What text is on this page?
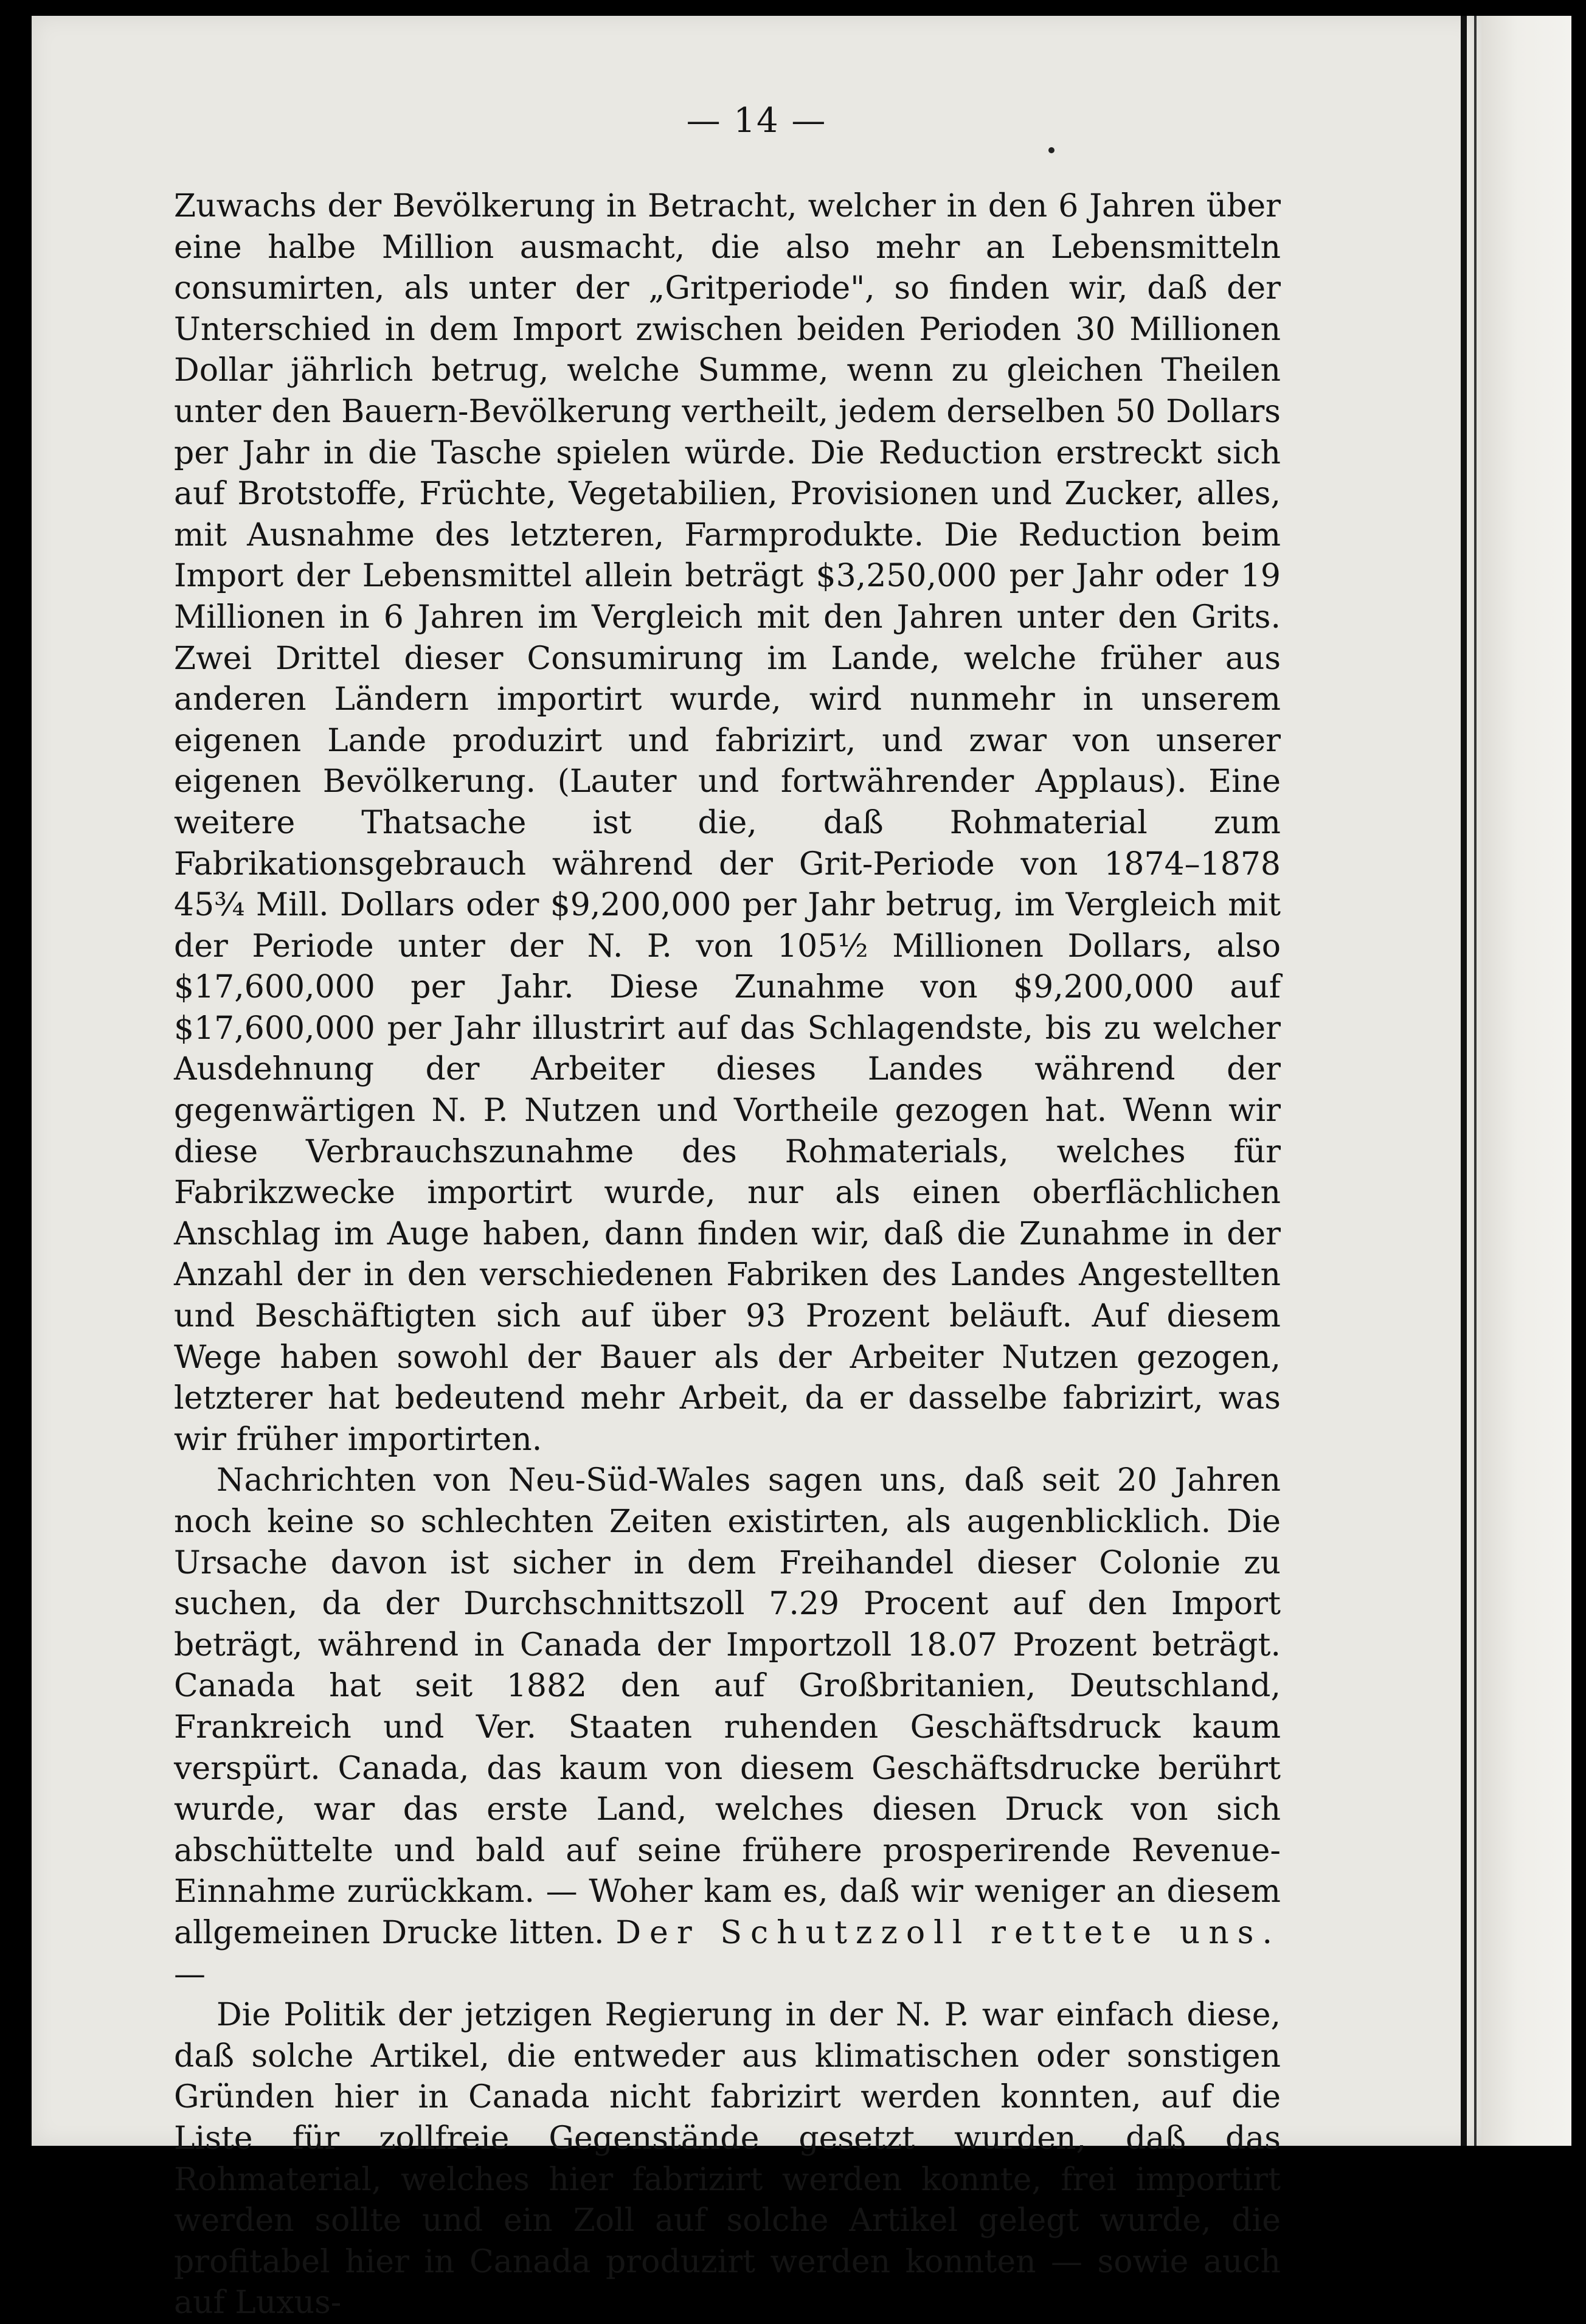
— 14 —

Zuwachs der Bevölkerung in Betracht, welcher in den 6 Jahren über eine halbe Million ausmacht, die also mehr an Lebensmitteln consumirten, als unter der „Gritperiode", so finden wir, daß der Unterschied in dem Import zwischen beiden Perioden 30 Millionen Dollar jährlich betrug, welche Summe, wenn zu gleichen Theilen unter den Bauern-Bevölkerung vertheilt, jedem derselben 50 Dollars per Jahr in die Tasche spielen würde. Die Reduction erstreckt sich auf Brotstoffe, Früchte, Vegetabilien, Provisionen und Zucker, alles, mit Ausnahme des letzteren, Farmprodukte. Die Reduction beim Import der Lebensmittel allein beträgt $3,250,000 per Jahr oder 19 Millionen in 6 Jahren im Vergleich mit den Jahren unter den Grits. Zwei Drittel dieser Consumirung im Lande, welche früher aus anderen Ländern importirt wurde, wird nunmehr in unserem eigenen Lande produzirt und fabrizirt, und zwar von unserer eigenen Bevölkerung. (Lauter und fortwährender Applaus). Eine weitere Thatsache ist die, daß Rohmaterial zum Fabrikationsgebrauch während der Grit-Periode von 1874–1878 45¾ Mill. Dollars oder $9,200,000 per Jahr betrug, im Vergleich mit der Periode unter der N. P. von 105½ Millionen Dollars, also $17,600,000 per Jahr. Diese Zunahme von $9,200,000 auf $17,600,000 per Jahr illustrirt auf das Schlagendste, bis zu welcher Ausdehnung der Arbeiter dieses Landes während der gegenwärtigen N. P. Nutzen und Vortheile gezogen hat. Wenn wir diese Verbrauchszunahme des Rohmaterials, welches für Fabrikzwecke importirt wurde, nur als einen oberflächlichen Anschlag im Auge haben, dann finden wir, daß die Zunahme in der Anzahl der in den verschiedenen Fabriken des Landes Angestellten und Beschäftigten sich auf über 93 Prozent beläuft. Auf diesem Wege haben sowohl der Bauer als der Arbeiter Nutzen gezogen, letzterer hat bedeutend mehr Arbeit, da er dasselbe fabrizirt, was wir früher importirten.

Nachrichten von Neu-Süd-Wales sagen uns, daß seit 20 Jahren noch keine so schlechten Zeiten existirten, als augenblicklich. Die Ursache davon ist sicher in dem Freihandel dieser Colonie zu suchen, da der Durchschnittszoll 7.29 Procent auf den Import beträgt, während in Canada der Importzoll 18.07 Prozent beträgt. Canada hat seit 1882 den auf Großbritanien, Deutschland, Frankreich und Ver. Staaten ruhenden Geschäftsdruck kaum verspürt. Canada, das kaum von diesem Geschäftsdrucke berührt wurde, war das erste Land, welches diesen Druck von sich abschüttelte und bald auf seine frühere prosperirende Revenue-Einnahme zurückkam. — Woher kam es, daß wir weniger an diesem allgemeinen Drucke litten. Der Schutzzoll rettete uns. —

Die Politik der jetzigen Regierung in der N. P. war einfach diese, daß solche Artikel, die entweder aus klimatischen oder sonstigen Gründen hier in Canada nicht fabrizirt werden konnten, auf die Liste für zollfreie Gegenstände gesetzt wurden, daß das Rohmaterial, welches hier fabrizirt werden konnte, frei importirt werden sollte und ein Zoll auf solche Artikel gelegt wurde, die profitabel hier in Canada produzirt werden konnten — sowie auch auf Luxus-
